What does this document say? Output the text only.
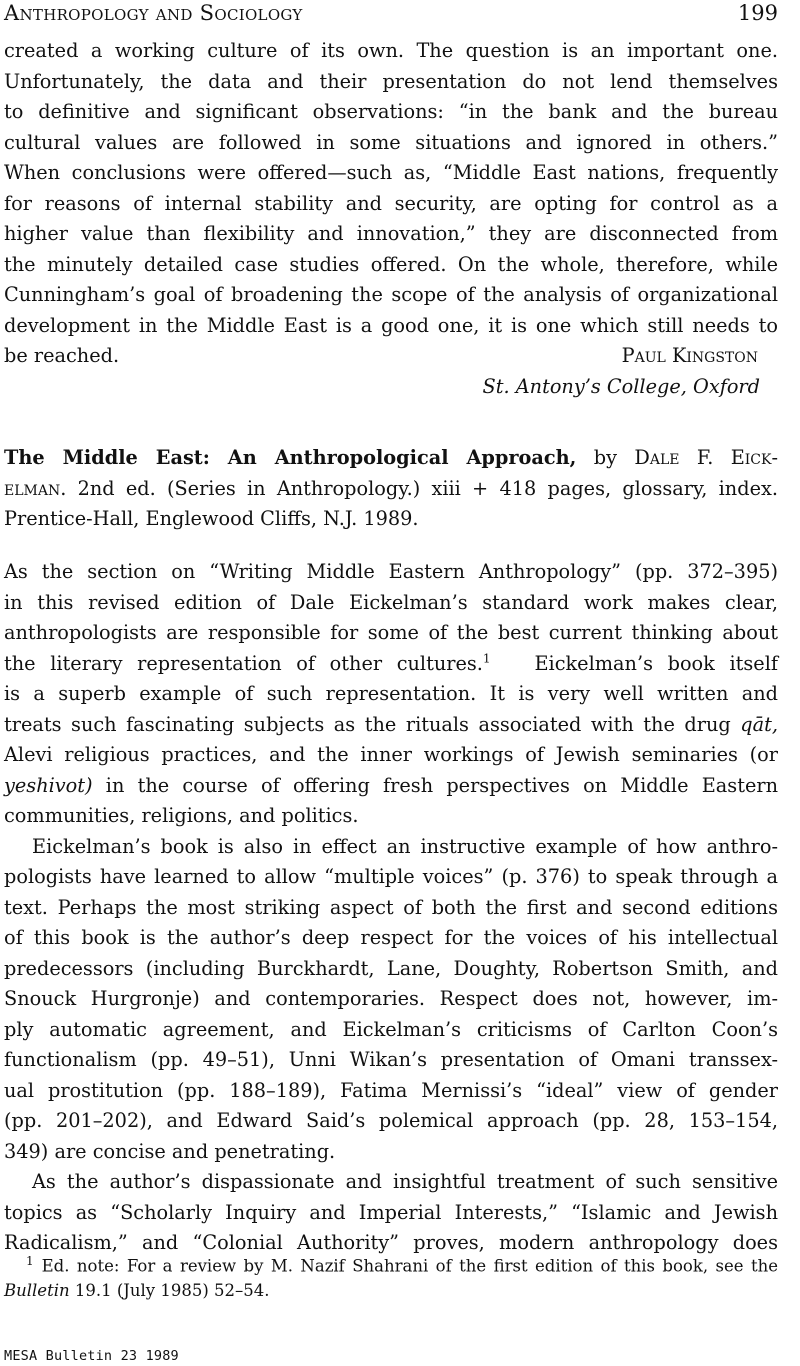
Anthropology and Sociology	199
created a working culture of its own. The question is an important one.
Unfortunately, the data and their presentation do not lend themselves
to definitive and significant observations: “in the bank and the bureau
cultural values are followed in some situations and ignored in others.”
When conclusions were offered—such as, “Middle East nations, frequently
for reasons of internal stability and security, are opting for control as a
higher value than flexibility and innovation,” they are disconnected from
the minutely detailed case studies offered. On the whole, therefore, while
Cunningham’s goal of broadening the scope of the analysis of organizational
development in the Middle East is a good one, it is one which still needs to
be reached.	Paul Kingston
St. Antony’s College, Oxford
The Middle East: An Anthropological Approach, by Dale F. Eick-
elman. 2nd ed. (Series in Anthropology.) xiii + 418 pages, glossary, index.
Prentice-Hall, Englewood Cliffs, N.J. 1989.
As the section on “Writing Middle Eastern Anthropology” (pp. 372–395)
in this revised edition of Dale Eickelman’s standard work makes clear,
anthropologists are responsible for some of the best current thinking about
the literary representation of other cultures.$^1$ Eickelman’s book itself
is a superb example of such representation. It is very well written and
treats such fascinating subjects as the rituals associated with the drug qāt,
Alevi religious practices, and the inner workings of Jewish seminaries (or
yeshivot) in the course of offering fresh perspectives on Middle Eastern
communities, religions, and politics.
Eickelman’s book is also in effect an instructive example of how anthro-
pologists have learned to allow “multiple voices” (p. 376) to speak through a
text. Perhaps the most striking aspect of both the first and second editions
of this book is the author’s deep respect for the voices of his intellectual
predecessors (including Burckhardt, Lane, Doughty, Robertson Smith, and
Snouck Hurgronje) and contemporaries. Respect does not, however, im-
ply automatic agreement, and Eickelman’s criticisms of Carlton Coon’s
functionalism (pp. 49–51), Unni Wikan’s presentation of Omani transsex-
ual prostitution (pp. 188–189), Fatima Mernissi’s “ideal” view of gender
(pp. 201–202), and Edward Said’s polemical approach (pp. 28, 153–154,
349) are concise and penetrating.
As the author’s dispassionate and insightful treatment of such sensitive
topics as “Scholarly Inquiry and Imperial Interests,” “Islamic and Jewish
Radicalism,” and “Colonial Authority” proves, modern anthropology does
$^1$ Ed. note: For a review by M. Nazif Shahrani of the first edition of this book, see the
Bulletin 19.1 (July 1985) 52–54.
MESA Bulletin 23 1989
